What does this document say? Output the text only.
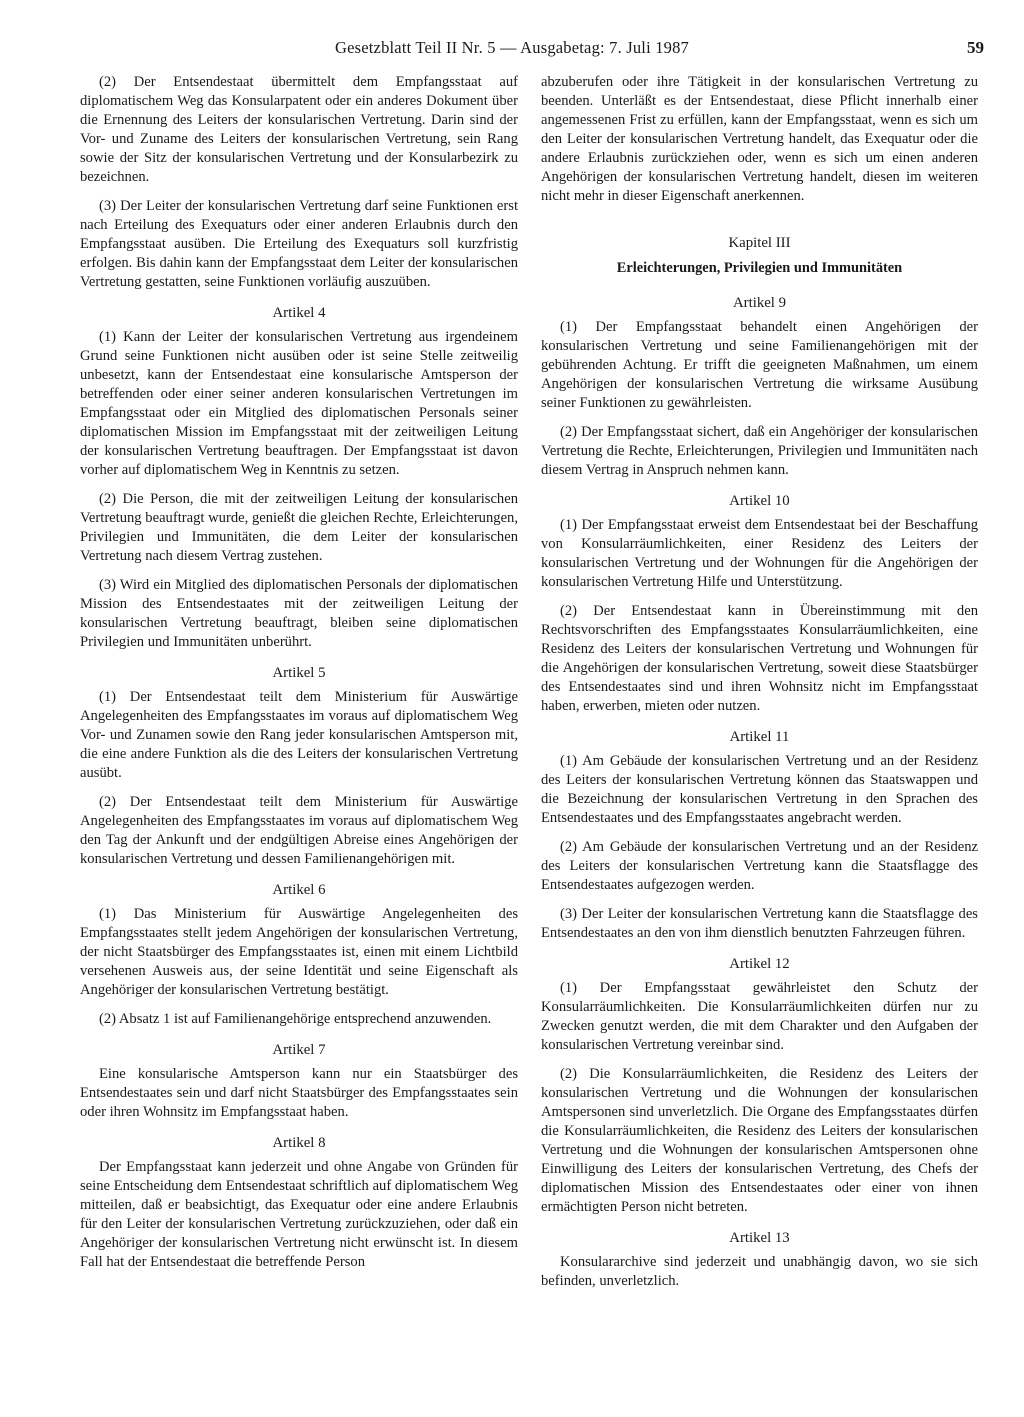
Gesetzblatt Teil II Nr. 5 — Ausgabetag: 7. Juli 1987	59

(2) Der Entsendestaat übermittelt dem Empfangsstaat auf diplomatischem Weg das Konsularpatent oder ein anderes Dokument über die Ernennung des Leiters der konsularischen Vertretung. Darin sind der Vor- und Zuname des Leiters der konsularischen Vertretung, sein Rang sowie der Sitz der konsularischen Vertretung und der Konsularbezirk zu bezeichnen.

(3) Der Leiter der konsularischen Vertretung darf seine Funktionen erst nach Erteilung des Exequaturs oder einer anderen Erlaubnis durch den Empfangsstaat ausüben. Die Erteilung des Exequaturs soll kurzfristig erfolgen. Bis dahin kann der Empfangsstaat dem Leiter der konsularischen Vertretung gestatten, seine Funktionen vorläufig auszuüben.

Artikel 4

(1) Kann der Leiter der konsularischen Vertretung aus irgendeinem Grund seine Funktionen nicht ausüben oder ist seine Stelle zeitweilig unbesetzt, kann der Entsendestaat eine konsularische Amtsperson der betreffenden oder einer seiner anderen konsularischen Vertretungen im Empfangsstaat oder ein Mitglied des diplomatischen Personals seiner diplomatischen Mission im Empfangsstaat mit der zeitweiligen Leitung der konsularischen Vertretung beauftragen. Der Empfangsstaat ist davon vorher auf diplomatischem Weg in Kenntnis zu setzen.

(2) Die Person, die mit der zeitweiligen Leitung der konsularischen Vertretung beauftragt wurde, genießt die gleichen Rechte, Erleichterungen, Privilegien und Immunitäten, die dem Leiter der konsularischen Vertretung nach diesem Vertrag zustehen.

(3) Wird ein Mitglied des diplomatischen Personals der diplomatischen Mission des Entsendestaates mit der zeitweiligen Leitung der konsularischen Vertretung beauftragt, bleiben seine diplomatischen Privilegien und Immunitäten unberührt.

Artikel 5

(1) Der Entsendestaat teilt dem Ministerium für Auswärtige Angelegenheiten des Empfangsstaates im voraus auf diplomatischem Weg Vor- und Zunamen sowie den Rang jeder konsularischen Amtsperson mit, die eine andere Funktion als die des Leiters der konsularischen Vertretung ausübt.

(2) Der Entsendestaat teilt dem Ministerium für Auswärtige Angelegenheiten des Empfangsstaates im voraus auf diplomatischem Weg den Tag der Ankunft und der endgültigen Abreise eines Angehörigen der konsularischen Vertretung und dessen Familienangehörigen mit.

Artikel 6

(1) Das Ministerium für Auswärtige Angelegenheiten des Empfangsstaates stellt jedem Angehörigen der konsularischen Vertretung, der nicht Staatsbürger des Empfangsstaates ist, einen mit einem Lichtbild versehenen Ausweis aus, der seine Identität und seine Eigenschaft als Angehöriger der konsularischen Vertretung bestätigt.

(2) Absatz 1 ist auf Familienangehörige entsprechend anzuwenden.

Artikel 7

Eine konsularische Amtsperson kann nur ein Staatsbürger des Entsendestaates sein und darf nicht Staatsbürger des Empfangsstaates sein oder ihren Wohnsitz im Empfangsstaat haben.

Artikel 8

Der Empfangsstaat kann jederzeit und ohne Angabe von Gründen für seine Entscheidung dem Entsendestaat schriftlich auf diplomatischem Weg mitteilen, daß er beabsichtigt, das Exequatur oder eine andere Erlaubnis für den Leiter der konsularischen Vertretung zurückzuziehen, oder daß ein Angehöriger der konsularischen Vertretung nicht erwünscht ist. In diesem Fall hat der Entsendestaat die betreffende Person

abzuberufen oder ihre Tätigkeit in der konsularischen Vertretung zu beenden. Unterläßt es der Entsendestaat, diese Pflicht innerhalb einer angemessenen Frist zu erfüllen, kann der Empfangsstaat, wenn es sich um den Leiter der konsularischen Vertretung handelt, das Exequatur oder die andere Erlaubnis zurückziehen oder, wenn es sich um einen anderen Angehörigen der konsularischen Vertretung handelt, diesen im weiteren nicht mehr in dieser Eigenschaft anerkennen.

Kapitel III
Erleichterungen, Privilegien und Immunitäten
Artikel 9

(1) Der Empfangsstaat behandelt einen Angehörigen der konsularischen Vertretung und seine Familienangehörigen mit der gebührenden Achtung. Er trifft die geeigneten Maßnahmen, um einem Angehörigen der konsularischen Vertretung die wirksame Ausübung seiner Funktionen zu gewährleisten.

(2) Der Empfangsstaat sichert, daß ein Angehöriger der konsularischen Vertretung die Rechte, Erleichterungen, Privilegien und Immunitäten nach diesem Vertrag in Anspruch nehmen kann.

Artikel 10

(1) Der Empfangsstaat erweist dem Entsendestaat bei der Beschaffung von Konsularräumlichkeiten, einer Residenz des Leiters der konsularischen Vertretung und der Wohnungen für die Angehörigen der konsularischen Vertretung Hilfe und Unterstützung.

(2) Der Entsendestaat kann in Übereinstimmung mit den Rechtsvorschriften des Empfangsstaates Konsularräumlichkeiten, eine Residenz des Leiters der konsularischen Vertretung und Wohnungen für die Angehörigen der konsularischen Vertretung, soweit diese Staatsbürger des Entsendestaates sind und ihren Wohnsitz nicht im Empfangsstaat haben, erwerben, mieten oder nutzen.

Artikel 11

(1) Am Gebäude der konsularischen Vertretung und an der Residenz des Leiters der konsularischen Vertretung können das Staatswappen und die Bezeichnung der konsularischen Vertretung in den Sprachen des Entsendestaates und des Empfangsstaates angebracht werden.

(2) Am Gebäude der konsularischen Vertretung und an der Residenz des Leiters der konsularischen Vertretung kann die Staatsflagge des Entsendestaates aufgezogen werden.

(3) Der Leiter der konsularischen Vertretung kann die Staatsflagge des Entsendestaates an den von ihm dienstlich benutzten Fahrzeugen führen.

Artikel 12

(1) Der Empfangsstaat gewährleistet den Schutz der Konsularräumlichkeiten. Die Konsularräumlichkeiten dürfen nur zu Zwecken genutzt werden, die mit dem Charakter und den Aufgaben der konsularischen Vertretung vereinbar sind.

(2) Die Konsularräumlichkeiten, die Residenz des Leiters der konsularischen Vertretung und die Wohnungen der konsularischen Amtspersonen sind unverletzlich. Die Organe des Empfangsstaates dürfen die Konsularräumlichkeiten, die Residenz des Leiters der konsularischen Vertretung und die Wohnungen der konsularischen Amtspersonen ohne Einwilligung des Leiters der konsularischen Vertretung, des Chefs der diplomatischen Mission des Entsendestaates oder einer von ihnen ermächtigten Person nicht betreten.

Artikel 13

Konsulararchive sind jederzeit und unabhängig davon, wo sie sich befinden, unverletzlich.
